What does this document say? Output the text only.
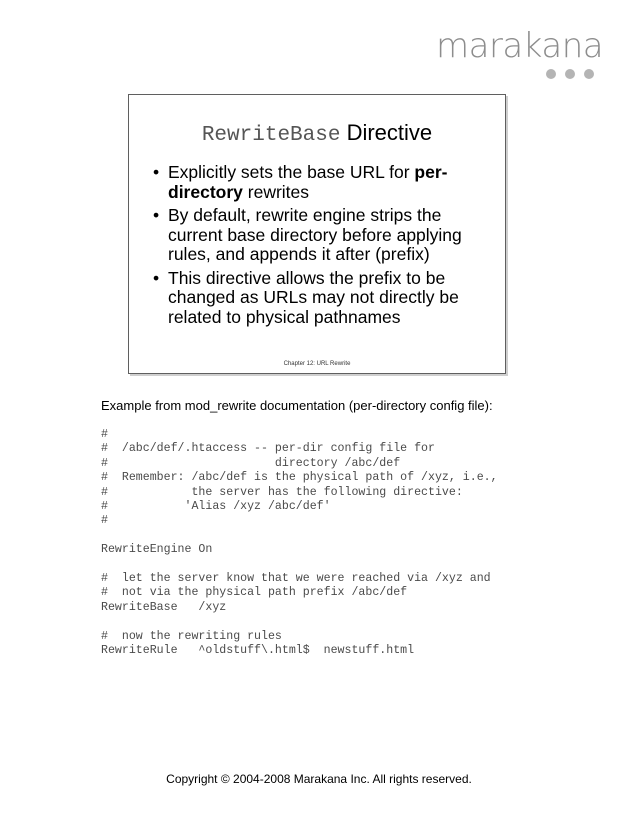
marakana
RewriteBase Directive
• Explicitly sets the base URL for per-directory rewrites
• By default, rewrite engine strips the current base directory before applying rules, and appends it after (prefix)
• This directive allows the prefix to be changed as URLs may not directly be related to physical pathnames
Chapter 12: URL Rewrite
Example from mod_rewrite documentation (per-directory config file):
#
#  /abc/def/.htaccess -- per-dir config file for
#                        directory /abc/def
#  Remember: /abc/def is the physical path of /xyz, i.e.,
#            the server has the following directive:
#           'Alias /xyz /abc/def'
#

RewriteEngine On

#  let the server know that we were reached via /xyz and
#  not via the physical path prefix /abc/def
RewriteBase   /xyz

#  now the rewriting rules
RewriteRule   ^oldstuff\.html$  newstuff.html
Copyright © 2004-2008 Marakana Inc. All rights reserved.
